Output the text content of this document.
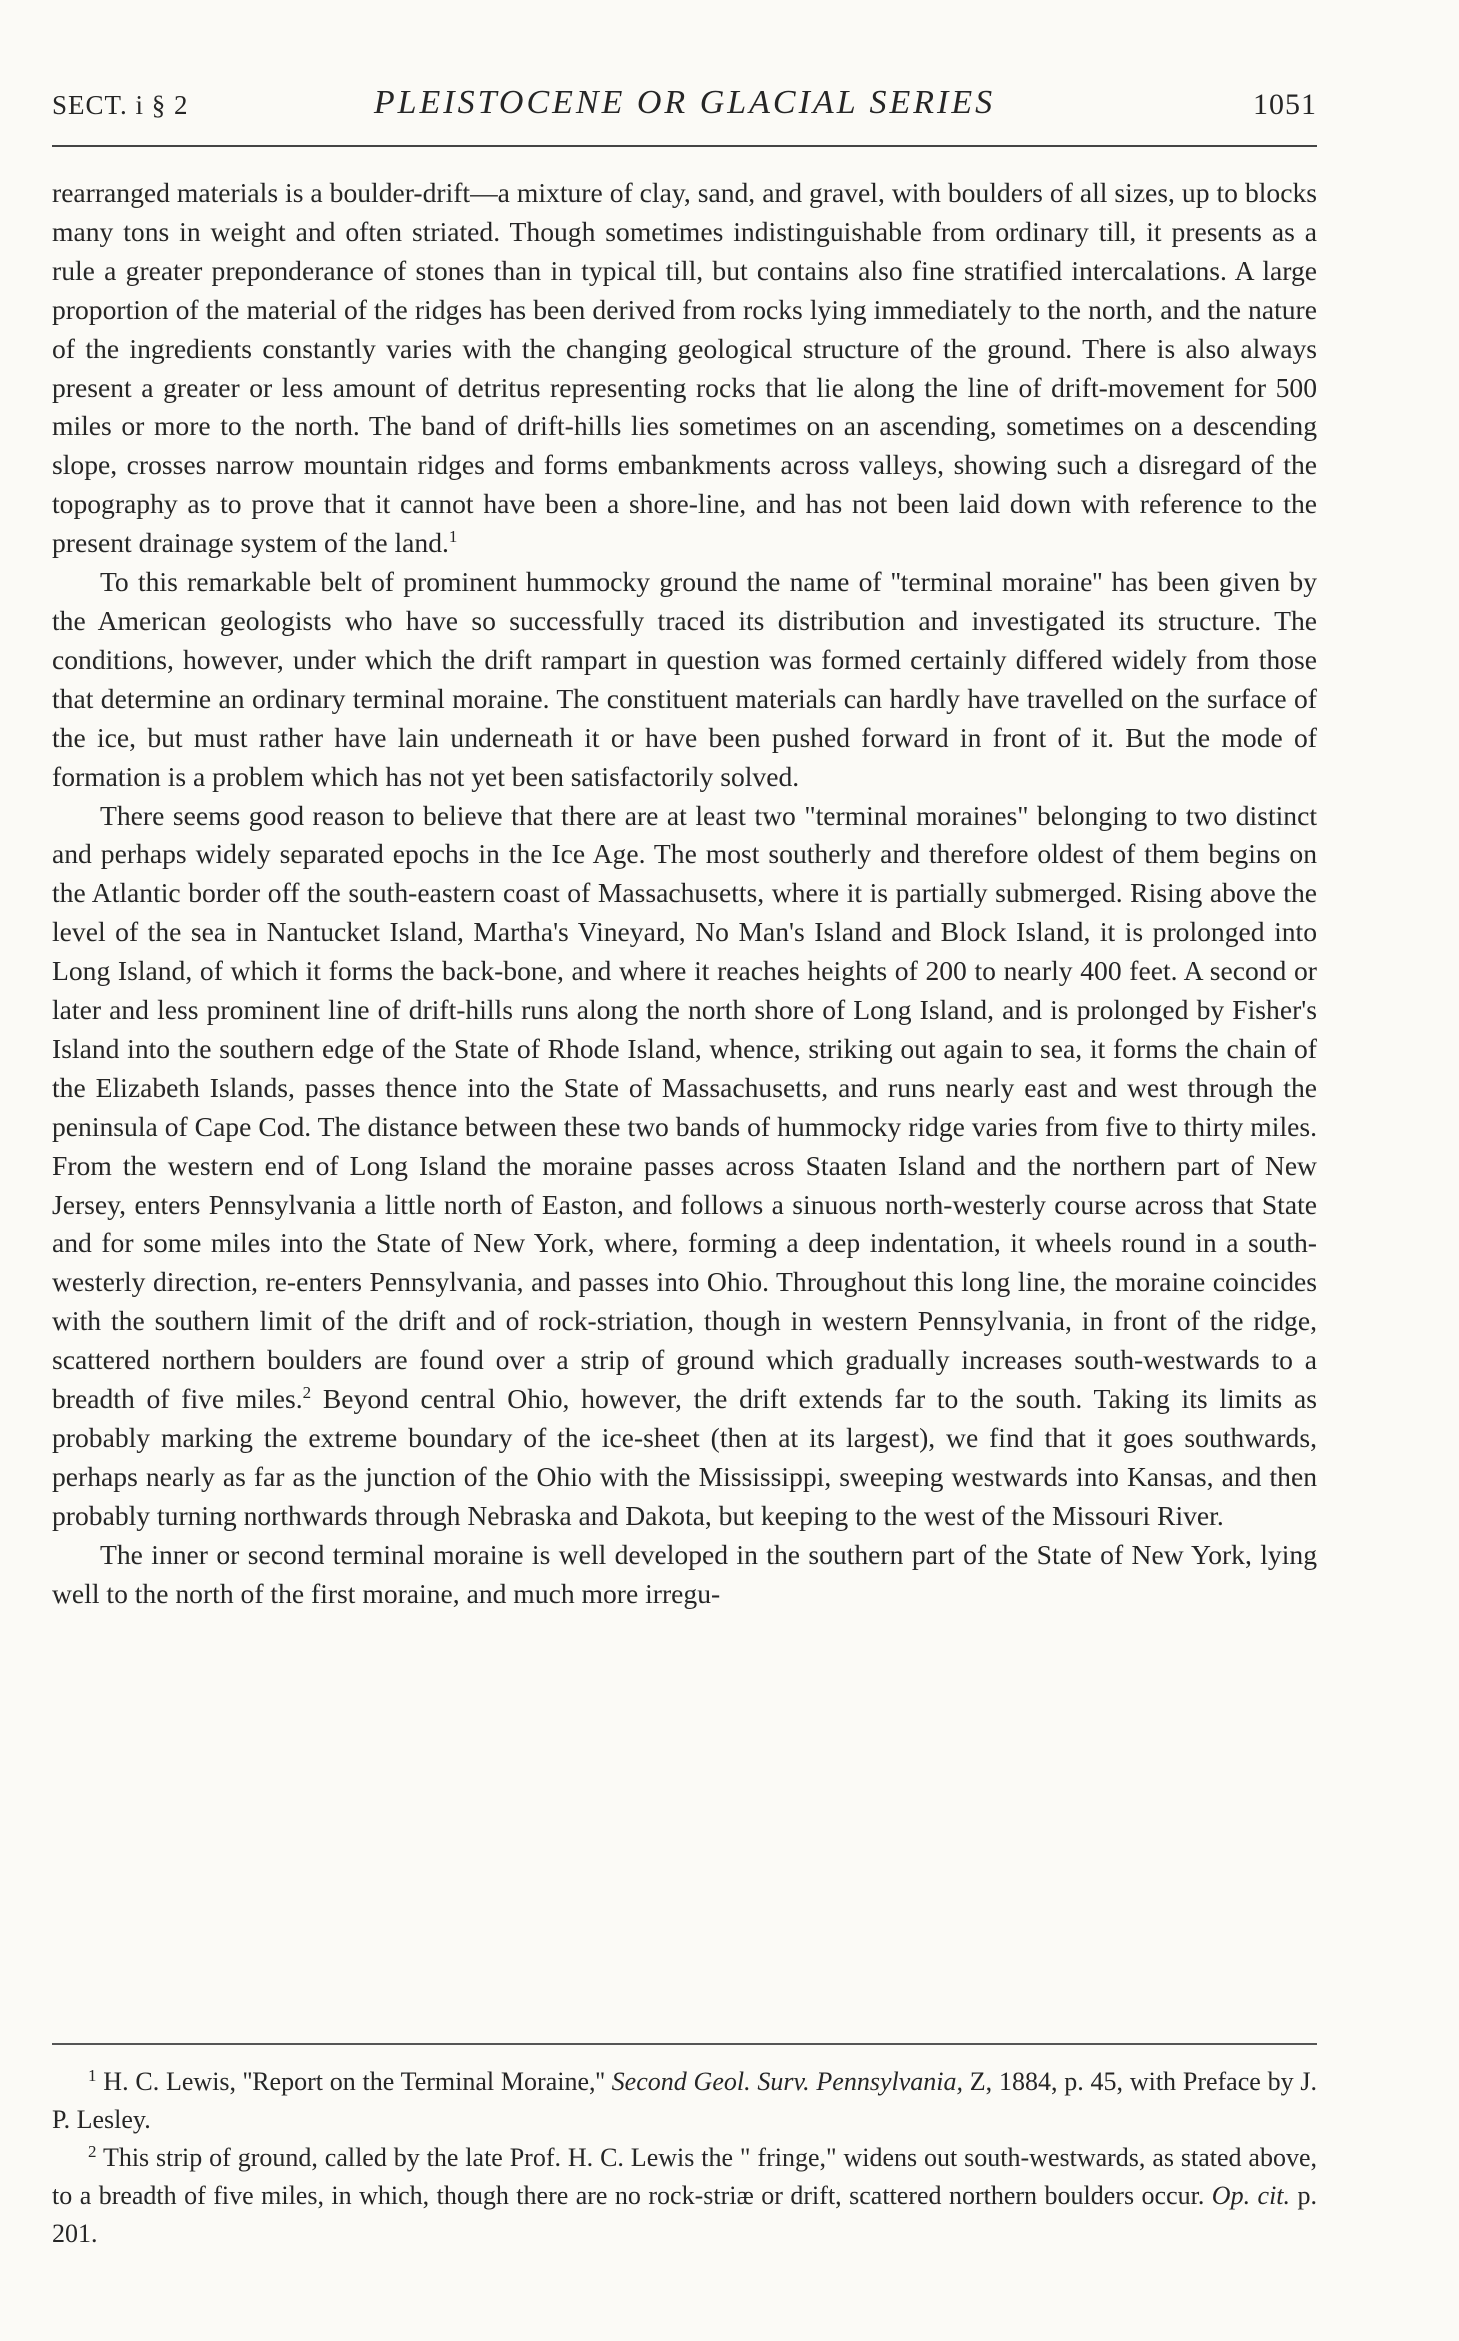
SECT. i § 2	PLEISTOCENE OR GLACIAL SERIES	1051

rearranged materials is a boulder-drift—a mixture of clay, sand, and gravel, with boulders of all sizes, up to blocks many tons in weight and often striated. Though sometimes indistinguishable from ordinary till, it presents as a rule a greater preponderance of stones than in typical till, but contains also fine stratified intercalations. A large proportion of the material of the ridges has been derived from rocks lying immediately to the north, and the nature of the ingredients constantly varies with the changing geological structure of the ground. There is also always present a greater or less amount of detritus representing rocks that lie along the line of drift-movement for 500 miles or more to the north. The band of drift-hills lies sometimes on an ascending, sometimes on a descending slope, crosses narrow mountain ridges and forms embankments across valleys, showing such a disregard of the topography as to prove that it cannot have been a shore-line, and has not been laid down with reference to the present drainage system of the land.$^1$

To this remarkable belt of prominent hummocky ground the name of ''terminal moraine'' has been given by the American geologists who have so successfully traced its distribution and investigated its structure. The conditions, however, under which the drift rampart in question was formed certainly differed widely from those that determine an ordinary terminal moraine. The constituent materials can hardly have travelled on the surface of the ice, but must rather have lain underneath it or have been pushed forward in front of it. But the mode of formation is a problem which has not yet been satisfactorily solved.

There seems good reason to believe that there are at least two "terminal moraines" belonging to two distinct and perhaps widely separated epochs in the Ice Age. The most southerly and therefore oldest of them begins on the Atlantic border off the south-eastern coast of Massachusetts, where it is partially submerged. Rising above the level of the sea in Nantucket Island, Martha's Vineyard, No Man's Island and Block Island, it is prolonged into Long Island, of which it forms the back-bone, and where it reaches heights of 200 to nearly 400 feet. A second or later and less prominent line of drift-hills runs along the north shore of Long Island, and is prolonged by Fisher's Island into the southern edge of the State of Rhode Island, whence, striking out again to sea, it forms the chain of the Elizabeth Islands, passes thence into the State of Massachusetts, and runs nearly east and west through the peninsula of Cape Cod. The distance between these two bands of hummocky ridge varies from five to thirty miles. From the western end of Long Island the moraine passes across Staaten Island and the northern part of New Jersey, enters Pennsylvania a little north of Easton, and follows a sinuous north-westerly course across that State and for some miles into the State of New York, where, forming a deep indentation, it wheels round in a south-westerly direction, re-enters Pennsylvania, and passes into Ohio. Throughout this long line, the moraine coincides with the southern limit of the drift and of rock-striation, though in western Pennsylvania, in front of the ridge, scattered northern boulders are found over a strip of ground which gradually increases south-westwards to a breadth of five miles.$^2$ Beyond central Ohio, however, the drift extends far to the south. Taking its limits as probably marking the extreme boundary of the ice-sheet (then at its largest), we find that it goes southwards, perhaps nearly as far as the junction of the Ohio with the Mississippi, sweeping westwards into Kansas, and then probably turning northwards through Nebraska and Dakota, but keeping to the west of the Missouri River.

The inner or second terminal moraine is well developed in the southern part of the State of New York, lying well to the north of the first moraine, and much more irregu-

$^1$ H. C. Lewis, ''Report on the Terminal Moraine,'' Second Geol. Surv. Pennsylvania, Z, 1884, p. 45, with Preface by J. P. Lesley.

$^2$ This strip of ground, called by the late Prof. H. C. Lewis the " fringe," widens out south-westwards, as stated above, to a breadth of five miles, in which, though there are no rock-striæ or drift, scattered northern boulders occur. Op. cit. p. 201.
